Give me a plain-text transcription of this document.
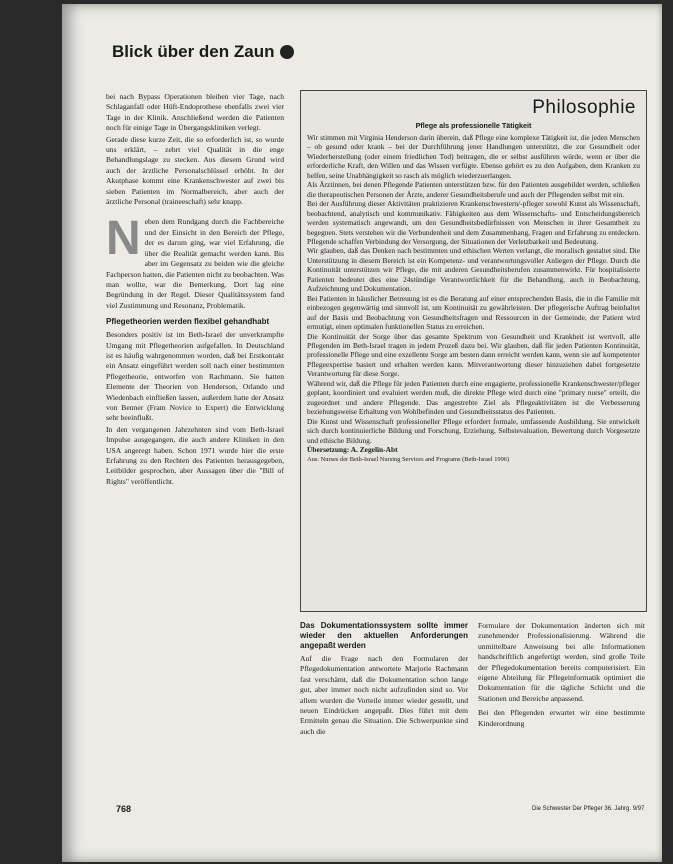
Blick über den Zaun

bei nach Bypass Operationen bleiben vier Tage, nach Schlaganfall oder Hüft-Endoprothese ebenfalls zwei vier Tage in der Klinik. Anschließend werden die Patienten noch für einige Tage in Übergangskliniken verlegt.

Gerade diese kurze Zeit, die so erforderlich ist, so wurde uns erklärt, – zehrt viel Qualität in die enge Behandlungslage zu stecken. Aus diesem Grund wird auch der ärztliche Personalschlüssel erhöht. In der Akutphase kommt eine Krankenschwester auf zwei bis sieben Patienten im Normalbereich, aber auch der ärztliche Personal (traineeschaft) sehr knapp.

N eben dem Rundgang durch die Fachbereiche und der Einsicht in den Bereich der Pflege, der es darum ging, war viel Erfahrung, die über die Realität gemacht werden kann. Bis aber im Gegensatz zu beiden wie die gleiche Fachperson hatten, die Patienten nicht zu beobachten. Was man wollte, war die Bemerkung. Dort lag eine Begründung in der Regel. Dieser Qualitätssystem fand viel Zustimmung und Resonanz, Problematik.

Pflegetheorien werden flexibel gehandhabt

Besonders positiv ist im Beth-Israel der unverkrampfte Umgang mit Pflegetheorien aufgefallen. In Deutschland ist es häufig wahrgenommen worden, daß bei Erstkontakt ein Ansatz eingeführt werden soll nach einer bestimmten Pflegetheorie, entworfen von Rachmann. Sie hatten Elemente der Theorien von Henderson, Orlando und Wiedenbach einfließen lassen, außerdem hatte der Ansatz von Benner (Fram Novice to Expert) die Entwicklung sehr beeinflußt.

In den vergangenen Jahrzehnten sind vom Beth-Israel Impulse ausgegangen, die auch andere Kliniken in den USA angeregt haben. Schon 1971 wurde hier die erste Erfahrung zu den Rechten des Patienten herausgegeben, Leitbilder gesprochen, aber Aussagen über die "Bill of Rights" veröffentlicht.

Philosophie
Pflege als professionelle Tätigkeit

Wir stimmen mit Virginia Henderson darin überein, daß Pflege eine komplexe Tätigkeit ist, die jeden Menschen – ob gesund oder krank – bei der Durchführung jener Handlungen unterstützt, die zur Gesundheit oder Wiederherstellung (oder einem friedlichen Tod) beitragen, die er selbst ausführen würde, wenn er über die erforderliche Kraft, den Willen und das Wissen verfügte. Ebenso gehört es zu den Aufgaben, dem Kranken zu helfen, seine Unabhängigkeit so rasch als möglich wiederzuerlangen.

Als Ärztinnen, bei denen Pflegende Patienten unterstützen bzw. für den Patienten ausgebildet werden, schließen die therapeutischen Personen der Ärzte, anderer Gesundheitsberufe und auch der Pflegenden selbst mit ein.

Bei der Ausführung dieser Aktivitäten praktizieren Krankenschwestern/-pfleger sowohl Kunst als Wissenschaft, beobachtend, analytisch und kommunikativ. Fähigkeiten aus dem Wissenschafts- und Entscheidungsbereich werden systematisch angewandt, um den Gesundheitsbedürfnissen von Menschen in ihrer Gesamtheit zu begegnen. Stets verstehen wir die Verbundenheit und dem Zusammenhang, Fragen und Erfahrung zu entdecken. Pflegende schaffen Verbindung der Versorgung, der Situationen der Verletzbarkeit und Bedeutung.

Wir glauben, daß das Denken nach bestimmten und ethischen Werten verlangt, die moralisch gestaltet sind. Die Unterstützung in diesem Bereich ist ein Kompetenz- und verantwortungsvoller Anliegen der Pflege. Durch die Kontinuität unterstützen wir Pflege, die mit anderen Gesundheitsberufen zusammenwirkt. Für hospitalisierte Patienten bedeutet dies eine 24stündige Verantwortlichkeit für die Behandlung, auch in Beobachtung, Aufzeichnung und Dokumentation.

Bei Patienten in häuslicher Betreuung ist es die Beratung auf einer entsprechenden Basis, die in die Familie mit einbezogen gegenwärtig und sinnvoll ist, um Kontinuität zu gewährleisten. Der pflegerische Auftrag beinhaltet auf der Basis und Beobachtung von Gesundheitsfragen und Ressourcen in der Gemeinde, der Patient wird ermutigt, einen optimalen funktionellen Status zu erreichen.

Die Kontinuität der Sorge über das gesamte Spektrum von Gesundheit und Krankheit ist wertvoll, alle Pflegenden im Beth-Israel tragen in jedem Prozeß dazu bei. Wir glauben, daß für jeden Patienten Kontinuität, professionelle Pflege und eine exzellente Sorge am besten dann erreicht werden kann, wenn sie auf kompetenter Pflegeexpertise basiert und erhalten werden kann. Mitverantwortung dieser hinzuziehen dabei fortgesetzte Verantwortung für diese Sorge.

Während wir, daß die Pflege für jeden Patienten durch eine engagierte, professionelle Krankenschwester/pfleger geplant, koordiniert und evaluiert werden muß, die direkte Pflege wird durch eine "primary nurse" erteilt, die zugeordnet und andere Pflegende. Das angestrebte Ziel als Pflegeaktivitäten ist die Verbesserung beziehungsweise Erhaltung von Wohlbefinden und Gesundheitsstatus des Patienten.

Die Kunst und Wissenschaft professioneller Pflege erfordert formale, umfassende Ausbildung. Sie entwickelt sich durch kontinuierliche Bildung und Forschung, Erziehung, Selbstevaluation, Bewertung durch Vorgesetzte und ethische Bildung.

Übersetzung: A. Zegelin-Abt

Aus: Nurses der Beth-Israel Nursing Services and Programs (Beth-Israel 1996)
Das Dokumentationssystem sollte immer wieder den aktuellen Anforderungen angepaßt werden

Auf die Frage nach den Formularen der Pflegedokumentation antwortete Marjorie Rachmann fast verschämt, daß die Dokumentation schon lange gut, aber immer noch nicht aufzufinden sind so. Vor allem wurden die Vorteile immer wieder gestellt, und neuen Eindrücken angepaßt. Dies führt mit dem Ermitteln genau die Situation. Die Schwerpunkte sind auch die

Formulare der Dokumentation änderten sich mit zunehmender Professionalisierung. Während die unmittelbare Anweisung bei alle Informationen handschriftlich angefertigt werden, sind große Teile der Pflegedokumentation bereits computerisiert. Ein eigene Abteilung für Pflegeinformatik optimiert die Dokumentation für die tägliche Schicht und die Stationen und Bereiche anpassend.

Bei den Pflegenden erwartet wir eine bestimmte Kinderordnung

768	Die Schwester Der Pfleger 36. Jahrg. 9/97
